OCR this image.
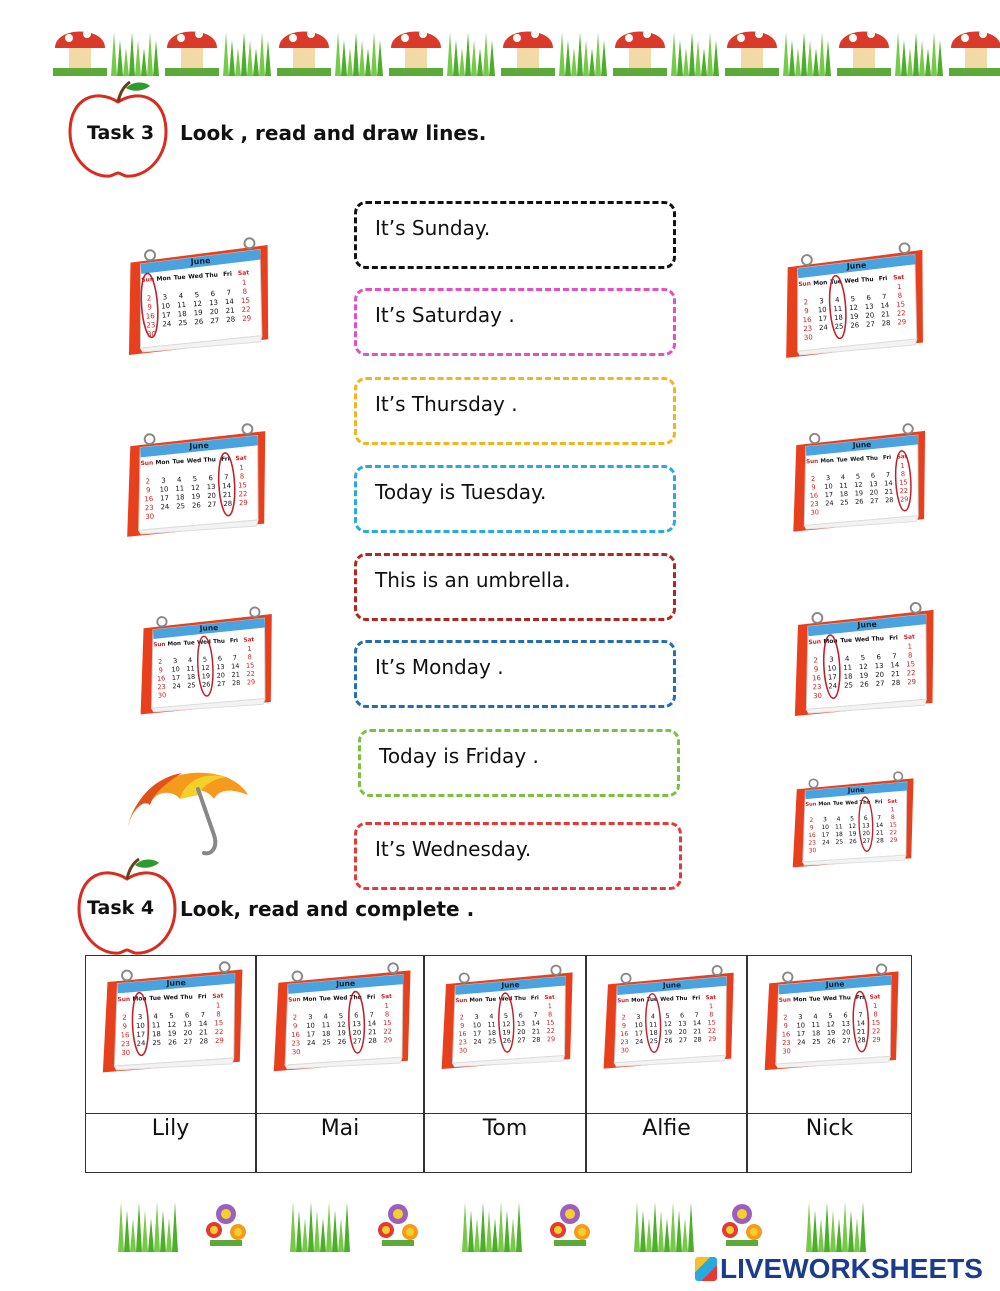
Task 3 Look , read and draw lines.
It’s Sunday.
It’s Saturday .
It’s Thursday .
Today is Tuesday.
This is an umbrella.
It’s Monday .
Today is Friday .
It’s Wednesday.
June
Sun Mon Tue Wed Thu Fri Sat
1
2 3 4 5 6 7 8
9 10 11 12 13 14 15
16 17 18 19 20 21 22
23 24 25 26 27 28 29
30
June
Sun Mon Tue Wed Thu Fri Sat
1
2 3 4 5 6 7 8
9 10 11 12 13 14 15
16 17 18 19 20 21 22
23 24 25 26 27 28 29
30
June
Sun Mon Tue Wed Thu Fri Sat
1
2 3 4 5 6 7 8
9 10 11 12 13 14 15
16 17 18 19 20 21 22
23 24 25 26 27 28 29
30
June
Sun Mon Tue Wed Thu Fri Sat
1
2 3 4 5 6 7 8
9 10 11 12 13 14 15
16 17 18 19 20 21 22
23 24 25 26 27 28 29
30
June
Sun Mon Tue Wed Thu Fri Sat
1
2 3 4 5 6 7 8
9 10 11 12 13 14 15
16 17 18 19 20 21 22
23 24 25 26 27 28 29
30
June
Sun Mon Tue Wed Thu Fri Sat
1
2 3 4 5 6 7 8
9 10 11 12 13 14 15
16 17 18 19 20 21 22
23 24 25 26 27 28 29
30
June
Sun Mon Tue Wed Thu Fri Sat
1
2 3 4 5 6 7 8
9 10 11 12 13 14 15
16 17 18 19 20 21 22
23 24 25 26 27 28 29
30
Task 4 Look, read and complete .
June
Sun Mon Tue Wed Thu Fri Sat
1
2 3 4 5 6 7 8
9 10 11 12 13 14 15
16 17 18 19 20 21 22
23 24 25 26 27 28 29
30
Lily
June
Sun Mon Tue Wed Thu Fri Sat
1
2 3 4 5 6 7 8
9 10 11 12 13 14 15
16 17 18 19 20 21 22
23 24 25 26 27 28 29
30
Mai
June
Sun Mon Tue Wed Thu Fri Sat
1
2 3 4 5 6 7 8
9 10 11 12 13 14 15
16 17 18 19 20 21 22
23 24 25 26 27 28 29
30
Tom
June
Sun Mon Tue Wed Thu Fri Sat
1
2 3 4 5 6 7 8
9 10 11 12 13 14 15
16 17 18 19 20 21 22
23 24 25 26 27 28 29
30
Alfie
June
Sun Mon Tue Wed Thu Fri Sat
1
2 3 4 5 6 7 8
9 10 11 12 13 14 15
16 17 18 19 20 21 22
23 24 25 26 27 28 29
30
Nick
LIVEWORKSHEETS
